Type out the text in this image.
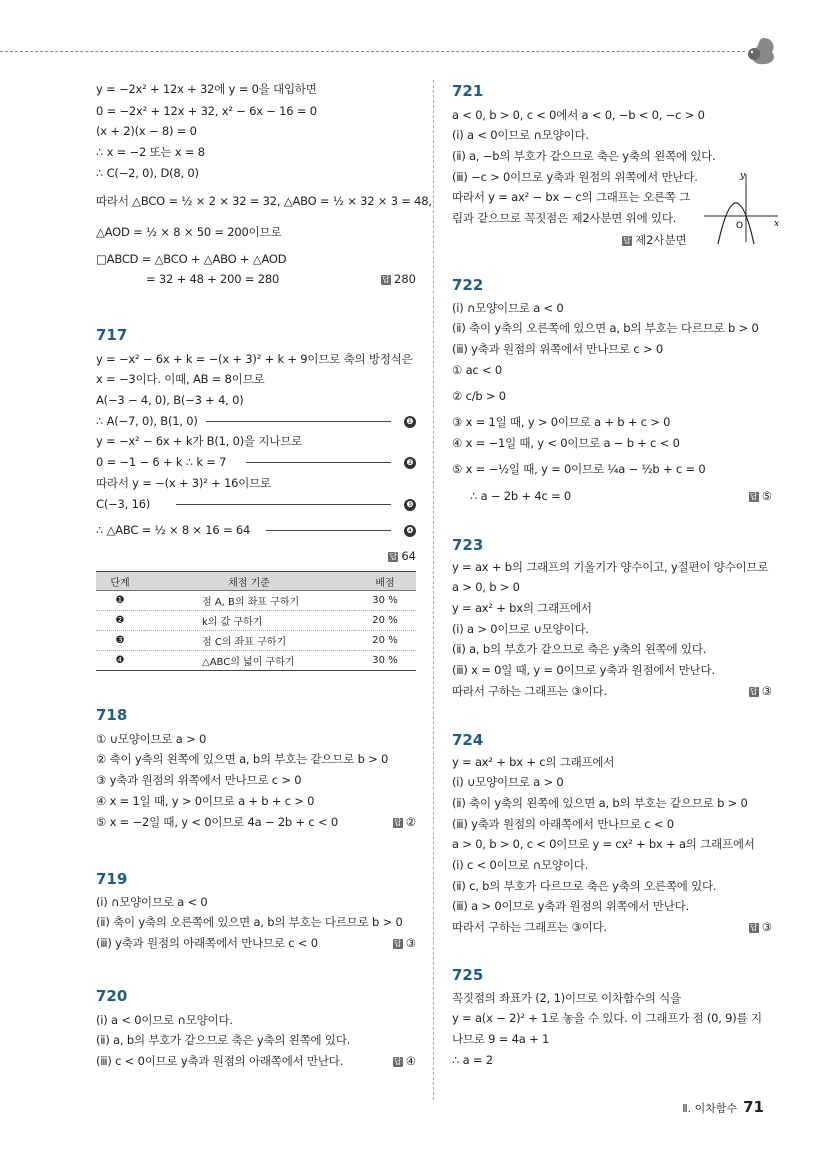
y = −2x² + 12x + 32에 y = 0을 대입하면
0 = −2x² + 12x + 32, x² − 6x − 16 = 0
(x + 2)(x − 8) = 0
∴ x = −2 또는 x = 8
∴ C(−2, 0), D(8, 0)
따라서 △BCO = ½ × 2 × 32 = 32, △ABO = ½ × 32 × 3 = 48,
△AOD = ½ × 8 × 50 = 200이므로
□ABCD = △BCO + △ABO + △AOD
= 32 + 48 + 200 = 280	답 280
717
y = −x² − 6x + k = −(x + 3)² + k + 9이므로 축의 방정식은
x = −3이다. 이때, AB = 8이므로
A(−3 − 4, 0), B(−3 + 4, 0)
∴ A(−7, 0), B(1, 0)	❶
y = −x² − 6x + k가 B(1, 0)을 지나므로
0 = −1 − 6 + k ∴ k = 7	❷
따라서 y = −(x + 3)² + 16이므로
C(−3, 16)	❸
∴ △ABC = ½ × 8 × 16 = 64	❹
답 64
718
① ∪모양이므로 a > 0
② 축이 y축의 왼쪽에 있으면 a, b의 부호는 같으므로 b > 0
③ y축과 원점의 위쪽에서 만나므로 c > 0
④ x = 1일 때, y > 0이므로 a + b + c > 0
⑤ x = −2일 때, y < 0이므로 4a − 2b + c < 0	답 ②
719
(ⅰ) ∩모양이므로 a < 0
(ⅱ) 축이 y축의 오른쪽에 있으면 a, b의 부호는 다르므로 b > 0
(ⅲ) y축과 원점의 아래쪽에서 만나므로 c < 0	답 ③
720
(ⅰ) a < 0이므로 ∩모양이다.
(ⅱ) a, b의 부호가 같으므로 축은 y축의 왼쪽에 있다.
(ⅲ) c < 0이므로 y축과 원점의 아래쪽에서 만난다.	답 ④
단계	채점 기준	배점
❶	점 A, B의 좌표 구하기	30 %
❷	k의 값 구하기	20 %
❸	점 C의 좌표 구하기	20 %
❹	△ABC의 넓이 구하기	30 %
721
a < 0, b > 0, c < 0에서 a < 0, −b < 0, −c > 0
(ⅰ) a < 0이므로 ∩모양이다.
(ⅱ) a, −b의 부호가 같으므로 축은 y축의 왼쪽에 있다.
(ⅲ) −c > 0이므로 y축과 원점의 위쪽에서 만난다.
따라서 y = ax² − bx − c의 그래프는 오른쪽 그
림과 같으므로 꼭짓점은 제2사분면 위에 있다.
답 제2사분면
y
x
O
722
(ⅰ) ∩모양이므로 a < 0
(ⅱ) 축이 y축의 오른쪽에 있으면 a, b의 부호는 다르므로 b > 0
(ⅲ) y축과 원점의 위쪽에서 만나므로 c > 0
① ac < 0
② c/b > 0
③ x = 1일 때, y > 0이므로 a + b + c > 0
④ x = −1일 때, y < 0이므로 a − b + c < 0
⑤ x = −½일 때, y = 0이므로 ¼a − ½b + c = 0
∴ a − 2b + 4c = 0	답 ⑤
723
y = ax + b의 그래프의 기울기가 양수이고, y절편이 양수이므로
a > 0, b > 0
y = ax² + bx의 그래프에서
(ⅰ) a > 0이므로 ∪모양이다.
(ⅱ) a, b의 부호가 같으므로 축은 y축의 왼쪽에 있다.
(ⅲ) x = 0일 때, y = 0이므로 y축과 원점에서 만난다.
따라서 구하는 그래프는 ③이다.	답 ③
724
y = ax² + bx + c의 그래프에서
(ⅰ) ∪모양이므로 a > 0
(ⅱ) 축이 y축의 왼쪽에 있으면 a, b의 부호는 같으므로 b > 0
(ⅲ) y축과 원점의 아래쪽에서 만나므로 c < 0
a > 0, b > 0, c < 0이므로 y = cx² + bx + a의 그래프에서
(ⅰ) c < 0이므로 ∩모양이다.
(ⅱ) c, b의 부호가 다르므로 축은 y축의 오른쪽에 있다.
(ⅲ) a > 0이므로 y축과 원점의 위쪽에서 만난다.
따라서 구하는 그래프는 ③이다.	답 ③
725
꼭짓점의 좌표가 (2, 1)이므로 이차함수의 식을
y = a(x − 2)² + 1로 놓을 수 있다. 이 그래프가 점 (0, 9)를 지
나므로 9 = 4a + 1
∴ a = 2
Ⅱ. 이차함수 71
